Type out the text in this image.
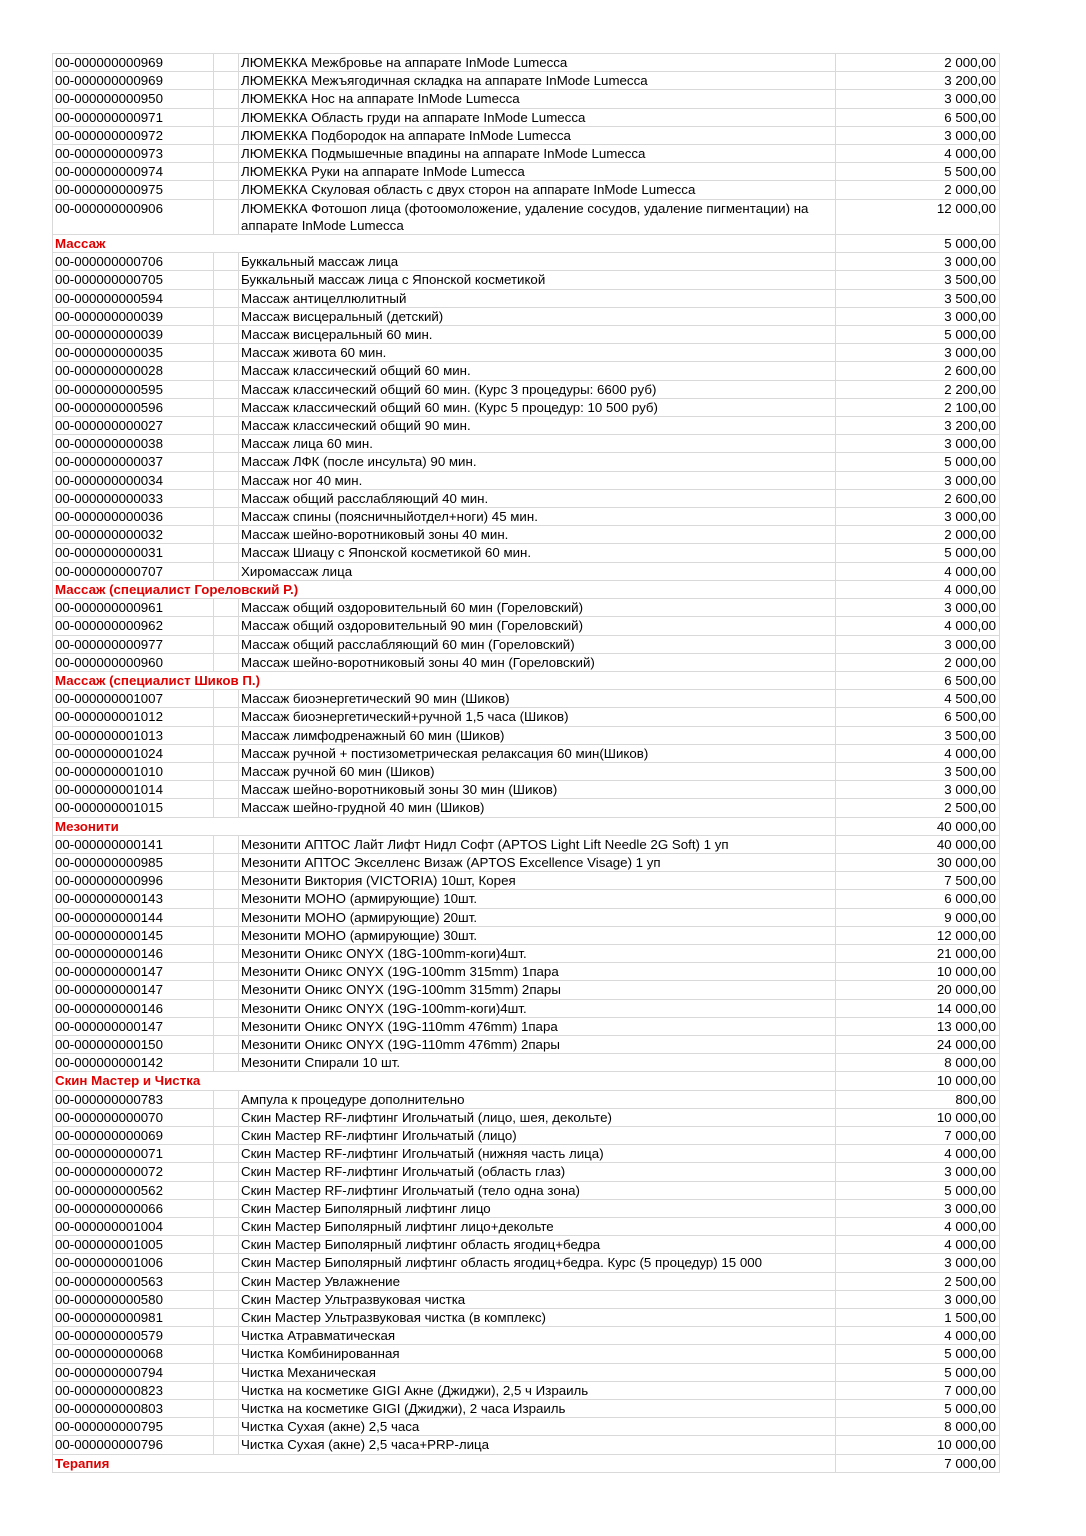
00-000000000969		ЛЮМЕККА Межбровье на аппарате InMode Lumecca	2 000,00
00-000000000969		ЛЮМЕККА Межъягодичная складка на аппарате InMode Lumecca	3 200,00
00-000000000950		ЛЮМЕККА Нос на аппарате InMode Lumecca	3 000,00
00-000000000971		ЛЮМЕККА Область груди на аппарате InMode Lumecca	6 500,00
00-000000000972		ЛЮМЕККА Подбородок на аппарате InMode Lumecca	3 000,00
00-000000000973		ЛЮМЕККА Подмышечные впадины на аппарате InMode Lumecca	4 000,00
00-000000000974		ЛЮМЕККА Руки на аппарате InMode Lumecca	5 500,00
00-000000000975		ЛЮМЕККА Скуловая область с двух сторон на аппарате InMode Lumecca	2 000,00
00-000000000906		ЛЮМЕККА Фотошоп лица (фотоомоложение, удаление сосудов, удаление пигментации) на аппарате InMode Lumecca	12 000,00
Массаж			5 000,00
00-000000000706		Буккальный массаж лица	3 000,00
00-000000000705		Буккальный массаж лица с Японской косметикой	3 500,00
00-000000000594		Массаж антицеллюлитный	3 500,00
00-000000000039		Массаж висцеральный (детский)	3 000,00
00-000000000039		Массаж висцеральный 60 мин.	5 000,00
00-000000000035		Массаж живота 60 мин.	3 000,00
00-000000000028		Массаж классический общий 60 мин.	2 600,00
00-000000000595		Массаж классический общий 60 мин. (Курс 3 процедуры: 6600 руб)	2 200,00
00-000000000596		Массаж классический общий 60 мин. (Курс 5 процедур: 10 500 руб)	2 100,00
00-000000000027		Массаж классический общий 90 мин.	3 200,00
00-000000000038		Массаж лица 60 мин.	3 000,00
00-000000000037		Массаж ЛФК (после инсульта) 90 мин.	5 000,00
00-000000000034		Массаж ног 40 мин.	3 000,00
00-000000000033		Массаж общий расслабляющий 40 мин.	2 600,00
00-000000000036		Массаж спины (поясничныйотдел+ноги) 45 мин.	3 000,00
00-000000000032		Массаж шейно-воротниковый зоны 40 мин.	2 000,00
00-000000000031		Массаж Шиацу с Японской косметикой 60 мин.	5 000,00
00-000000000707		Хиромассаж лица	4 000,00
Массаж (специалист Гореловский Р.)			4 000,00
00-000000000961		Массаж общий оздоровительный 60 мин (Гореловский)	3 000,00
00-000000000962		Массаж общий оздоровительный 90 мин (Гореловский)	4 000,00
00-000000000977		Массаж общий расслабляющий 60 мин (Гореловский)	3 000,00
00-000000000960		Массаж шейно-воротниковый зоны 40 мин (Гореловский)	2 000,00
Массаж (специалист Шиков П.)			6 500,00
00-000000001007		Массаж биоэнергетический 90 мин (Шиков)	4 500,00
00-000000001012		Массаж биоэнергетический+ручной 1,5 часа (Шиков)	6 500,00
00-000000001013		Массаж лимфодренажный 60 мин (Шиков)	3 500,00
00-000000001024		Массаж ручной + постизометрическая релаксация 60 мин(Шиков)	4 000,00
00-000000001010		Массаж ручной 60 мин (Шиков)	3 500,00
00-000000001014		Массаж шейно-воротниковый зоны 30 мин (Шиков)	3 000,00
00-000000001015		Массаж шейно-грудной 40 мин (Шиков)	2 500,00
Мезонити			40 000,00
00-000000000141		Мезонити АПТОС Лайт Лифт Нидл Софт (APTOS Light Lift Needle 2G Soft) 1 уп	40 000,00
00-000000000985		Мезонити АПТОС Экселленс Визаж (APTOS Excellence Visage) 1 уп	30 000,00
00-000000000996		Мезонити Виктория (VICTORIA) 10шт, Корея	7 500,00
00-000000000143		Мезонити МОНО (армирующие) 10шт.	6 000,00
00-000000000144		Мезонити МОНО (армирующие) 20шт.	9 000,00
00-000000000145		Мезонити МОНО (армирующие) 30шт.	12 000,00
00-000000000146		Мезонити Оникс ONYX (18G-100mm-коги)4шт.	21 000,00
00-000000000147		Мезонити Оникс ONYX (19G-100mm 315mm) 1пара	10 000,00
00-000000000147		Мезонити Оникс ONYX (19G-100mm 315mm) 2пары	20 000,00
00-000000000146		Мезонити Оникс ONYX (19G-100mm-коги)4шт.	14 000,00
00-000000000147		Мезонити Оникс ONYX (19G-110mm 476mm) 1пара	13 000,00
00-000000000150		Мезонити Оникс ONYX (19G-110mm 476mm) 2пары	24 000,00
00-000000000142		Мезонити Спирали 10 шт.	8 000,00
Скин Мастер и Чистка			10 000,00
00-000000000783		Ампула к процедуре дополнительно	800,00
00-000000000070		Скин Мастер RF-лифтинг Игольчатый (лицо, шея, декольте)	10 000,00
00-000000000069		Скин Мастер RF-лифтинг Игольчатый (лицо)	7 000,00
00-000000000071		Скин Мастер RF-лифтинг Игольчатый (нижняя часть лица)	4 000,00
00-000000000072		Скин Мастер RF-лифтинг Игольчатый (область глаз)	3 000,00
00-000000000562		Скин Мастер RF-лифтинг Игольчатый (тело одна зона)	5 000,00
00-000000000066		Скин Мастер Биполярный лифтинг лицо	3 000,00
00-000000001004		Скин Мастер Биполярный лифтинг лицо+декольте	4 000,00
00-000000001005		Скин Мастер Биполярный лифтинг область ягодиц+бедра	4 000,00
00-000000001006		Скин Мастер Биполярный лифтинг область ягодиц+бедра. Курс (5 процедур) 15 000	3 000,00
00-000000000563		Скин Мастер Увлажнение	2 500,00
00-000000000580		Скин Мастер Ультразвуковая чистка	3 000,00
00-000000000981		Скин Мастер Ультразвуковая чистка (в комплекс)	1 500,00
00-000000000579		Чистка Атравматическая	4 000,00
00-000000000068		Чистка Комбинированная	5 000,00
00-000000000794		Чистка Механическая	5 000,00
00-000000000823		Чистка на косметике GIGI Акне (Джиджи), 2,5 ч Израиль	7 000,00
00-000000000803		Чистка на косметике GIGI (Джиджи), 2 часа Израиль	5 000,00
00-000000000795		Чистка Сухая (акне) 2,5 часа	8 000,00
00-000000000796		Чистка Сухая (акне) 2,5 часа+PRP-лица	10 000,00
Терапия			7 000,00
